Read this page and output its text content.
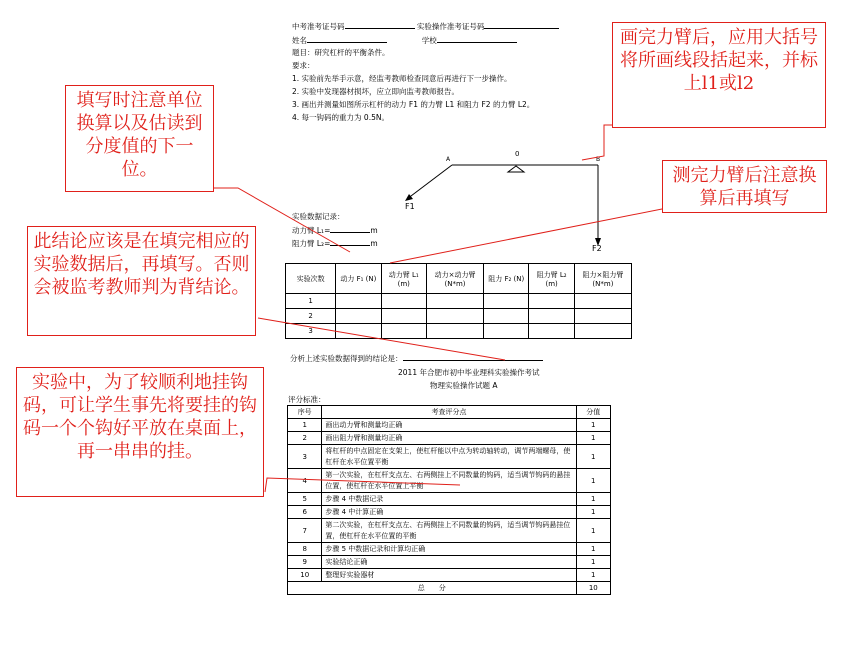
中考准考证号码	实验操作准考证号码
姓名	学校
题目：研究杠杆的平衡条件。
要求：
1. 实验前先举手示意，经监考教师检查同意后再进行下一步操作。
2. 实验中发现器材损坏，应立即向监考教师报告。
3. 画出并测量如图所示杠杆的动力 F1 的力臂 L1 和阻力 F2 的力臂 L2。
4. 每一钩码的重力为 0.5N。
A
0
B
F1
F2
实验数据记录：
动力臂 L₁=	m
阻力臂 L₂=	m
实验次数	动力 F₁ (N)	动力臂 L₁ (m)	动力×动力臂 (N*m)	阻力 F₂ (N)	阻力臂 L₂ (m)	阻力×阻力臂 (N*m)
1						
2						
3						
分析上述实验数据得到的结论是：
2011 年合肥市初中毕业理科实验操作考试
物理实验操作试题 A
评分标准：
序号	考查评分点	分值
1	画出动力臂和测量均正确	1
2	画出阻力臂和测量均正确	1
3	将杠杆的中点固定在支架上，使杠杆能以中点为转动轴转动，调节两端螺母，使杠杆在水平位置平衡	1
4	第一次实验，在杠杆支点左、右两侧挂上不同数量的钩码，适当调节钩码的悬挂位置，使杠杆在水平位置上平衡	1
5	步骤 4 中数据记录	1
6	步骤 4 中计算正确	1
7	第二次实验，在杠杆支点左、右两侧挂上不同数量的钩码，适当调节钩码悬挂位置，使杠杆在水平位置的平衡	1
8	步骤 5 中数据记录和计算均正确	1
9	实验结论正确	1
10	整理好实验器材	1
总　　分		10
填写时注意单位换算以及估读到分度值的下一位。
画完力臂后，应用大括号将所画线段括起来，并标上l1或l2
测完力臂后注意换算后再填写
此结论应该是在填完相应的实验数据后，再填写。否则会被监考教师判为背结论。
实验中，为了较顺利地挂钩码，可让学生事先将要挂的钩码一个个钩好平放在桌面上，再一串串的挂。
